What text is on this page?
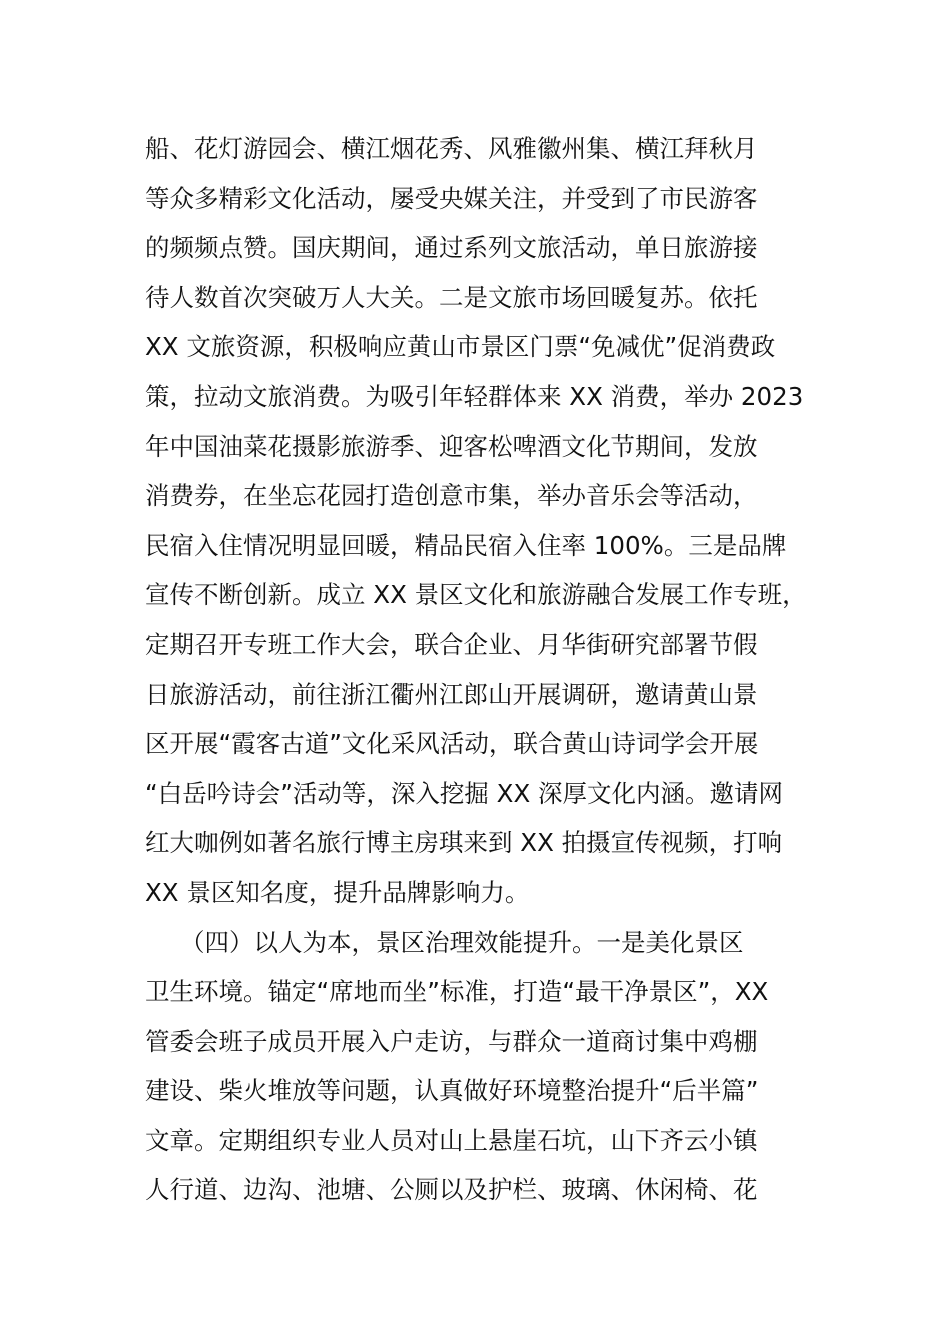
船、花灯游园会、横江烟花秀、风雅徽州集、横江拜秋月
等众多精彩文化活动，屡受央媒关注，并受到了市民游客
的频频点赞。国庆期间，通过系列文旅活动，单日旅游接
待人数首次突破万人大关。二是文旅市场回暖复苏。依托
XX 文旅资源，积极响应黄山市景区门票“免减优”促消费政
策，拉动文旅消费。为吸引年轻群体来 XX 消费，举办 2023
年中国油菜花摄影旅游季、迎客松啤酒文化节期间，发放
消费券，在坐忘花园打造创意市集，举办音乐会等活动，
民宿入住情况明显回暖，精品民宿入住率 100%。三是品牌
宣传不断创新。成立 XX 景区文化和旅游融合发展工作专班，
定期召开专班工作大会，联合企业、月华街研究部署节假
日旅游活动，前往浙江衢州江郎山开展调研，邀请黄山景
区开展“霞客古道”文化采风活动，联合黄山诗词学会开展
“白岳吟诗会”活动等，深入挖掘 XX 深厚文化内涵。邀请网
红大咖例如著名旅行博主房琪来到 XX 拍摄宣传视频，打响
XX 景区知名度，提升品牌影响力。
（四）以人为本，景区治理效能提升。一是美化景区
卫生环境。锚定“席地而坐”标准，打造“最干净景区”，XX
管委会班子成员开展入户走访，与群众一道商讨集中鸡棚
建设、柴火堆放等问题，认真做好环境整治提升“后半篇”
文章。定期组织专业人员对山上悬崖石坑，山下齐云小镇
人行道、边沟、池塘、公厕以及护栏、玻璃、休闲椅、花
